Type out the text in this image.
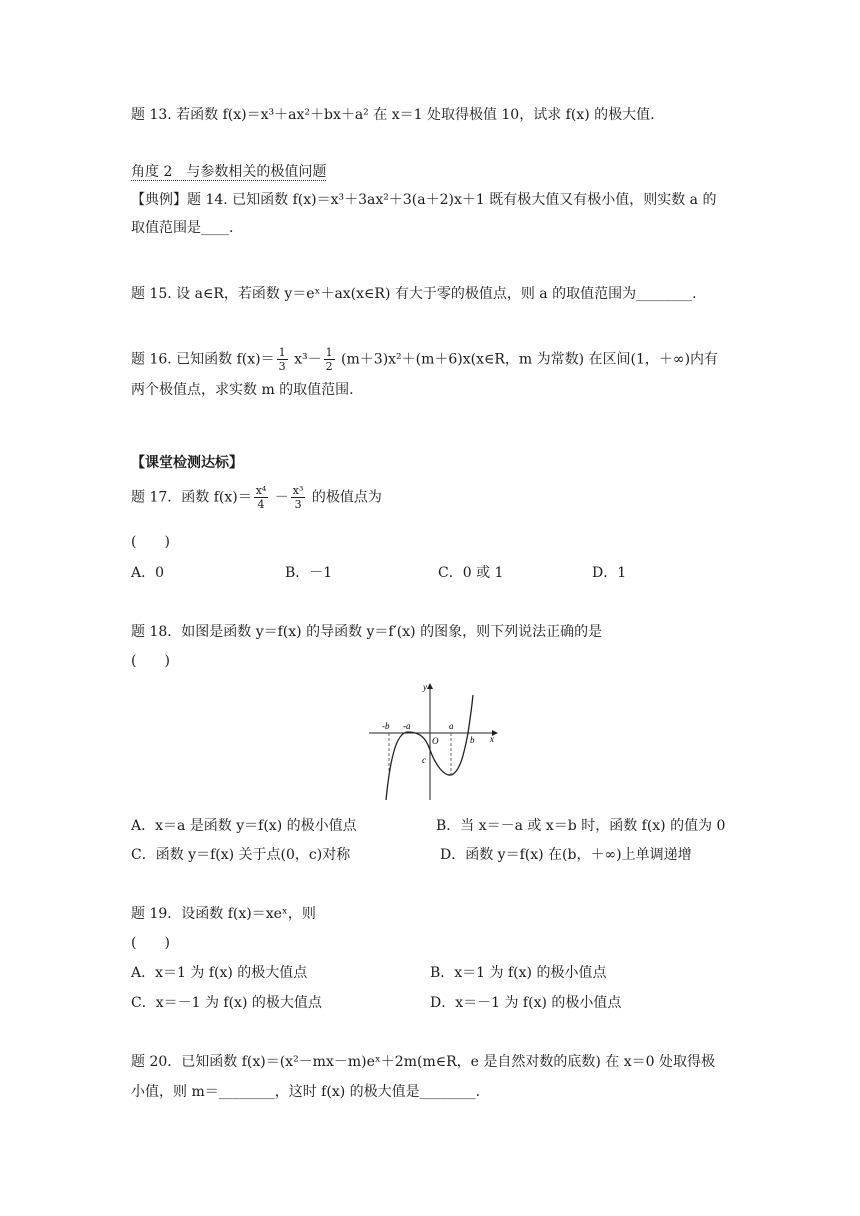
题 13. 若函数 f(x)＝x³＋ax²＋bx＋a² 在 x＝1 处取得极值 10，试求 f(x) 的极大值.
角度 2　与参数相关的极值问题
【典例】题 14. 已知函数 f(x)＝x³＋3ax²＋3(a＋2)x＋1 既有极大值又有极小值，则实数 a 的
取值范围是____.
题 15. 设 a∈R，若函数 y＝eˣ＋ax(x∈R) 有大于零的极值点，则 a 的取值范围为________.
题 16. 已知函数 $f(x)= \frac{1}{3} x^3- \frac{1}{2}$ (m＋3)x²＋(m＋6)x(x∈R，m 为常数) 在区间(1，＋∞)内有
两个极值点，求实数 m 的取值范围.
【课堂检测达标】
题 17．函数 $f(x)= \frac{\text{x⁴}}{4} - \frac{\text{x³}}{3}$ 的极值点为
(　　)
A．0	B．－1	C．0 或 1	D．1
题 18．如图是函数 y＝f(x) 的导函数 y＝f′(x) 的图象，则下列说法正确的是
(　　)
-b -a
O
a
b
c
y
x
A．x＝a 是函数 y＝f(x) 的极小值点	B．当 x＝－a 或 x＝b 时，函数 f(x) 的值为 0
C．函数 y＝f(x) 关于点(0，c)对称	D．函数 y＝f(x) 在(b，＋∞)上单调递增
题 19．设函数 f(x)＝xeˣ，则
(　　)
A．x＝1 为 f(x) 的极大值点	B．x＝1 为 f(x) 的极小值点
C．x＝－1 为 f(x) 的极大值点	D．x＝－1 为 f(x) 的极小值点
题 20．已知函数 f(x)＝(x²－mx－m)eˣ＋2m(m∈R，e 是自然对数的底数) 在 x＝0 处取得极
小值，则 m＝________，这时 f(x) 的极大值是________.
